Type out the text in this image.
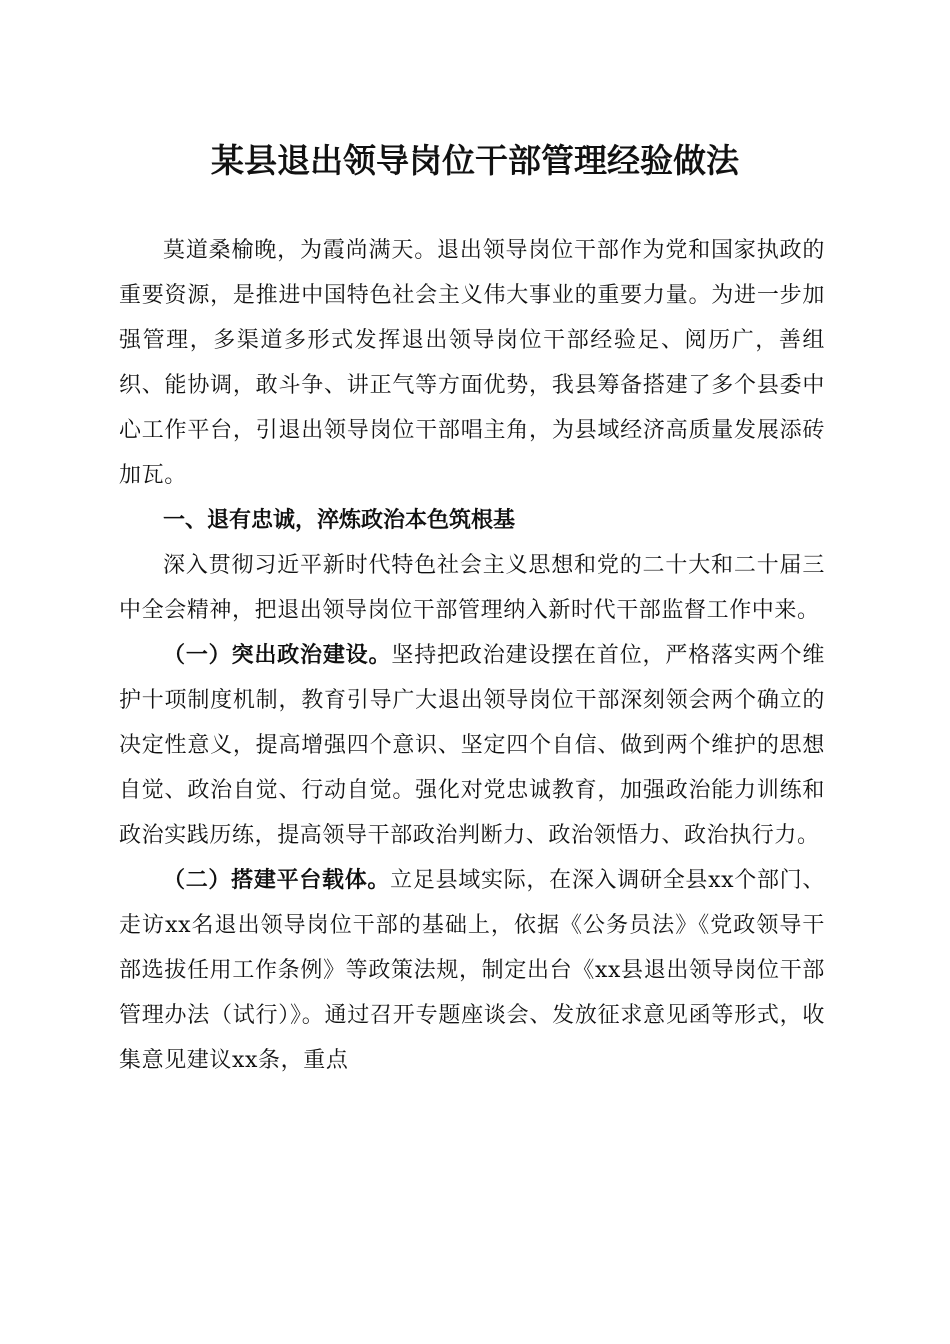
某县退出领导岗位干部管理经验做法

莫道桑榆晚，为霞尚满天。退出领导岗位干部作为党和国家执政的重要资源，是推进中国特色社会主义伟大事业的重要力量。为进一步加强管理，多渠道多形式发挥退出领导岗位干部经验足、阅历广，善组织、能协调，敢斗争、讲正气等方面优势，我县筹备搭建了多个县委中心工作平台，引退出领导岗位干部唱主角，为县域经济高质量发展添砖加瓦。

一、退有忠诚，淬炼政治本色筑根基

深入贯彻习近平新时代特色社会主义思想和党的二十大和二十届三中全会精神，把退出领导岗位干部管理纳入新时代干部监督工作中来。

（一）突出政治建设。坚持把政治建设摆在首位，严格落实两个维护十项制度机制，教育引导广大退出领导岗位干部深刻领会两个确立的决定性意义，提高增强四个意识、坚定四个自信、做到两个维护的思想自觉、政治自觉、行动自觉。强化对党忠诚教育，加强政治能力训练和政治实践历练，提高领导干部政治判断力、政治领悟力、政治执行力。

（二）搭建平台载体。立足县域实际，在深入调研全县xx个部门、走访xx名退出领导岗位干部的基础上，依据《公务员法》《党政领导干部选拔任用工作条例》等政策法规，制定出台《xx县退出领导岗位干部管理办法（试行）》。通过召开专题座谈会、发放征求意见函等形式，收集意见建议xx条，重点
